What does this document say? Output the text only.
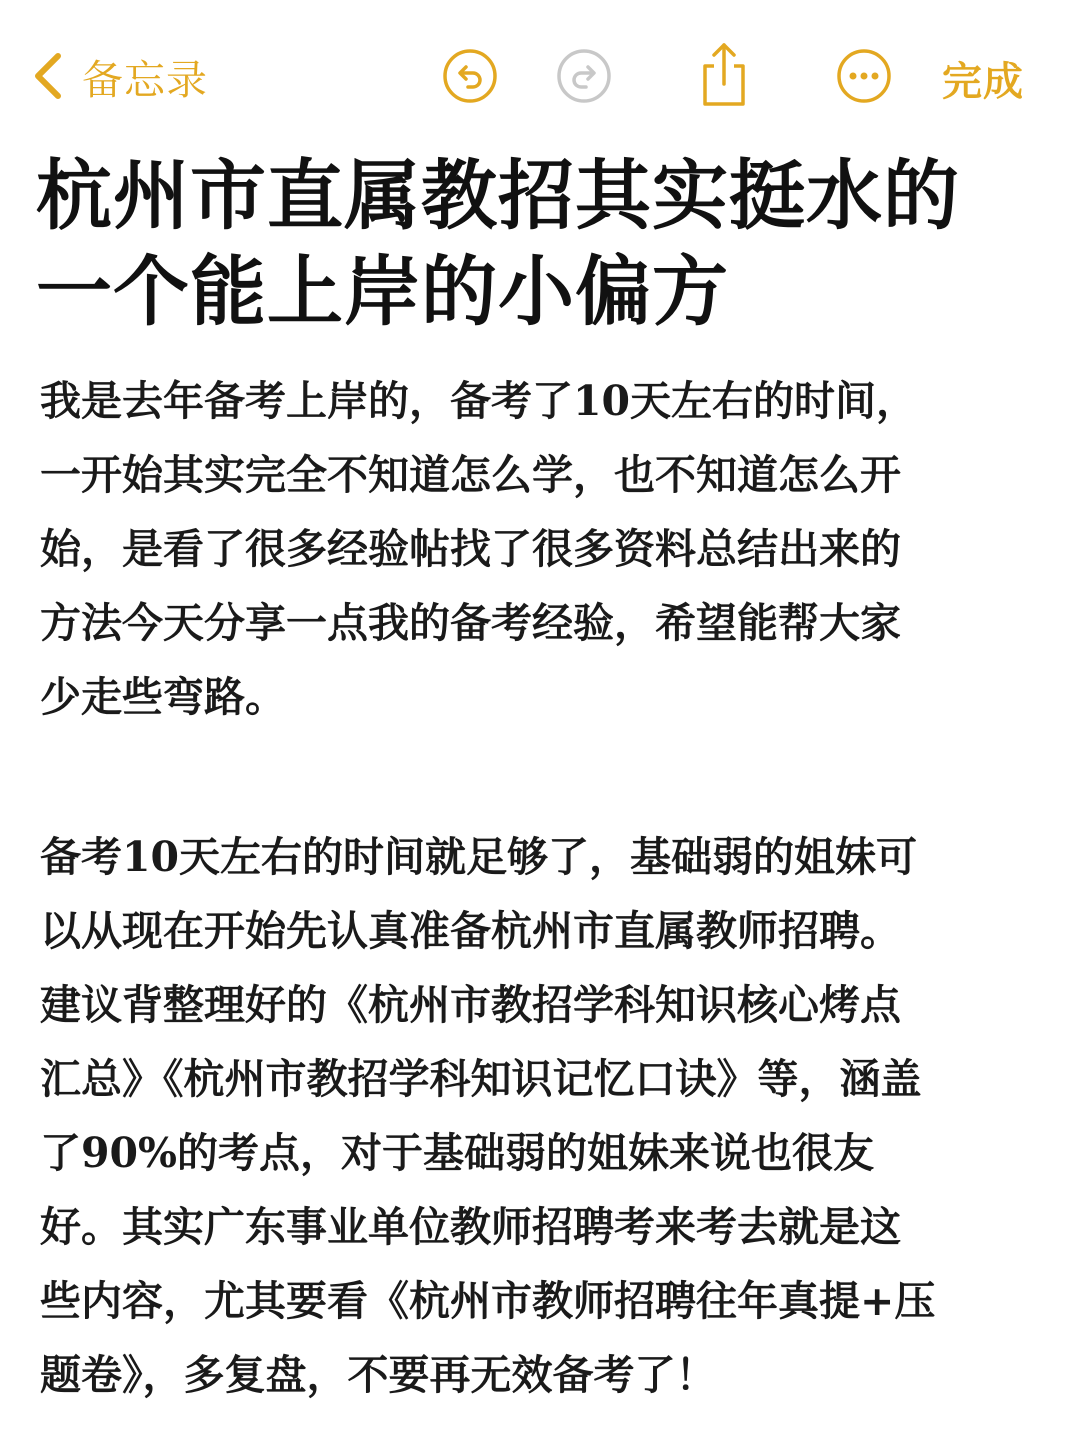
备忘录	完成
杭州市直属教招其实挺水的
一个能上岸的小偏方
我是去年备考上岸的，备考了10天左右的时间，
一开始其实完全不知道怎么学，也不知道怎么开
始，是看了很多经验帖找了很多资料总结出来的
方法今天分享一点我的备考经验，希望能帮大家
少走些弯路。
备考10天左右的时间就足够了，基础弱的姐妹可
以从现在开始先认真准备杭州市直属教师招聘。
建议背整理好的《杭州市教招学科知识核心烤点
汇总》《杭州市教招学科知识记忆口诀》等，涵盖
了90%的考点，对于基础弱的姐妹来说也很友
好。其实广东事业单位教师招聘考来考去就是这
些内容，尤其要看《杭州市教师招聘往年真提+压
题卷》，多复盘，不要再无效备考了！
